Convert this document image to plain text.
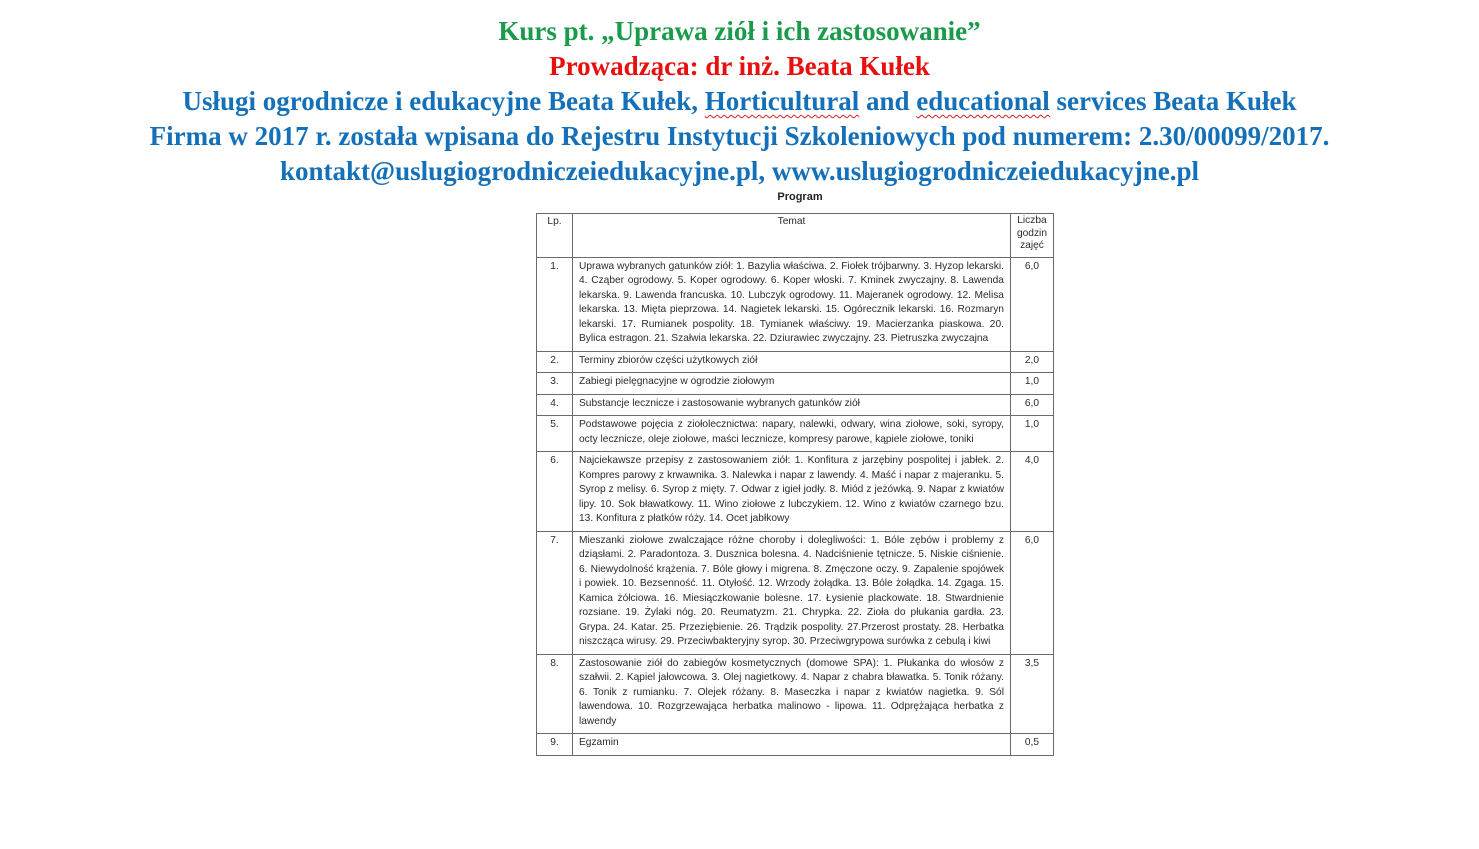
Kurs pt. „Uprawa ziół i ich zastosowanie”
Prowadząca: dr inż. Beata Kułek
Usługi ogrodnicze i edukacyjne Beata Kułek, Horticultural and educational services Beata Kułek
Firma w 2017 r. została wpisana do Rejestru Instytucji Szkoleniowych pod numerem: 2.30/00099/2017.
kontakt@uslugiogrodniczeiedukacyjne.pl, www.uslugiogrodniczeiedukacyjne.pl
Program
Lp.	Temat	Liczba godzin zajęć
1.	Uprawa wybranych gatunków ziół: 1. Bazylia właściwa. 2. Fiołek trójbarwny. 3. Hyzop lekarski. 4. Cząber ogrodowy. 5. Koper ogrodowy. 6. Koper włoski. 7. Kminek zwyczajny. 8. Lawenda lekarska. 9. Lawenda francuska. 10. Lubczyk ogrodowy. 11. Majeranek ogrodowy. 12. Melisa lekarska. 13. Mięta pieprzowa. 14. Nagietek lekarski. 15. Ogórecznik lekarski. 16. Rozmaryn lekarski. 17. Rumianek pospolity. 18. Tymianek właściwy. 19. Macierzanka piaskowa. 20. Bylica estragon. 21. Szałwia lekarska. 22. Dziurawiec zwyczajny. 23. Pietruszka zwyczajna	6,0
2.	Terminy zbiorów części użytkowych ziół	2,0
3.	Zabiegi pielęgnacyjne w ogrodzie ziołowym	1,0
4.	Substancje lecznicze i zastosowanie wybranych gatunków ziół	6,0
5.	Podstawowe pojęcia z ziołolecznictwa: napary, nalewki, odwary, wina ziołowe, soki, syropy, octy lecznicze, oleje ziołowe, maści lecznicze, kompresy parowe, kąpiele ziołowe, toniki	1,0
6.	Najciekawsze przepisy z zastosowaniem ziół: 1. Konfitura z jarzębiny pospolitej i jabłek. 2. Kompres parowy z krwawnika. 3. Nalewka i napar z lawendy. 4. Maść i napar z majeranku. 5. Syrop z melisy. 6. Syrop z mięty. 7. Odwar z igieł jodły. 8. Miód z jeżówką. 9. Napar z kwiatów lipy. 10. Sok bławatkowy. 11. Wino ziołowe z lubczykiem. 12. Wino z kwiatów czarnego bzu. 13. Konfitura z płatków róży. 14. Ocet jabłkowy	4,0
7.	Mieszanki ziołowe zwalczające różne choroby i dolegliwości: 1. Bóle zębów i problemy z dziąsłami. 2. Paradontoza. 3. Dusznica bolesna. 4. Nadciśnienie tętnicze. 5. Niskie ciśnienie. 6. Niewydolność krążenia. 7. Bóle głowy i migrena. 8. Zmęczone oczy. 9. Zapalenie spojówek i powiek. 10. Bezsenność. 11. Otyłość. 12. Wrzody żołądka. 13. Bóle żołądka. 14. Zgaga. 15. Kamica żółciowa. 16. Miesiączkowanie bolesne. 17. Łysienie plackowate. 18. Stwardnienie rozsiane. 19. Żylaki nóg. 20. Reumatyzm. 21. Chrypka. 22. Zioła do płukania gardła. 23. Grypa. 24. Katar. 25. Przeziębienie. 26. Trądzik pospolity. 27.Przerost prostaty. 28. Herbatka niszcząca wirusy. 29. Przeciwbakteryjny syrop. 30. Przeciwgrypowa surówka z cebulą i kiwi	6,0
8.	Zastosowanie ziół do zabiegów kosmetycznych (domowe SPA): 1. Płukanka do włosów z szałwii. 2. Kąpiel jałowcowa. 3. Olej nagietkowy. 4. Napar z chabra bławatka. 5. Tonik różany. 6. Tonik z rumianku. 7. Olejek różany. 8. Maseczka i napar z kwiatów nagietka. 9. Sól lawendowa. 10. Rozgrzewająca herbatka malinowo - lipowa. 11. Odprężająca herbatka z lawendy	3,5
9.	Egzamin	0,5
